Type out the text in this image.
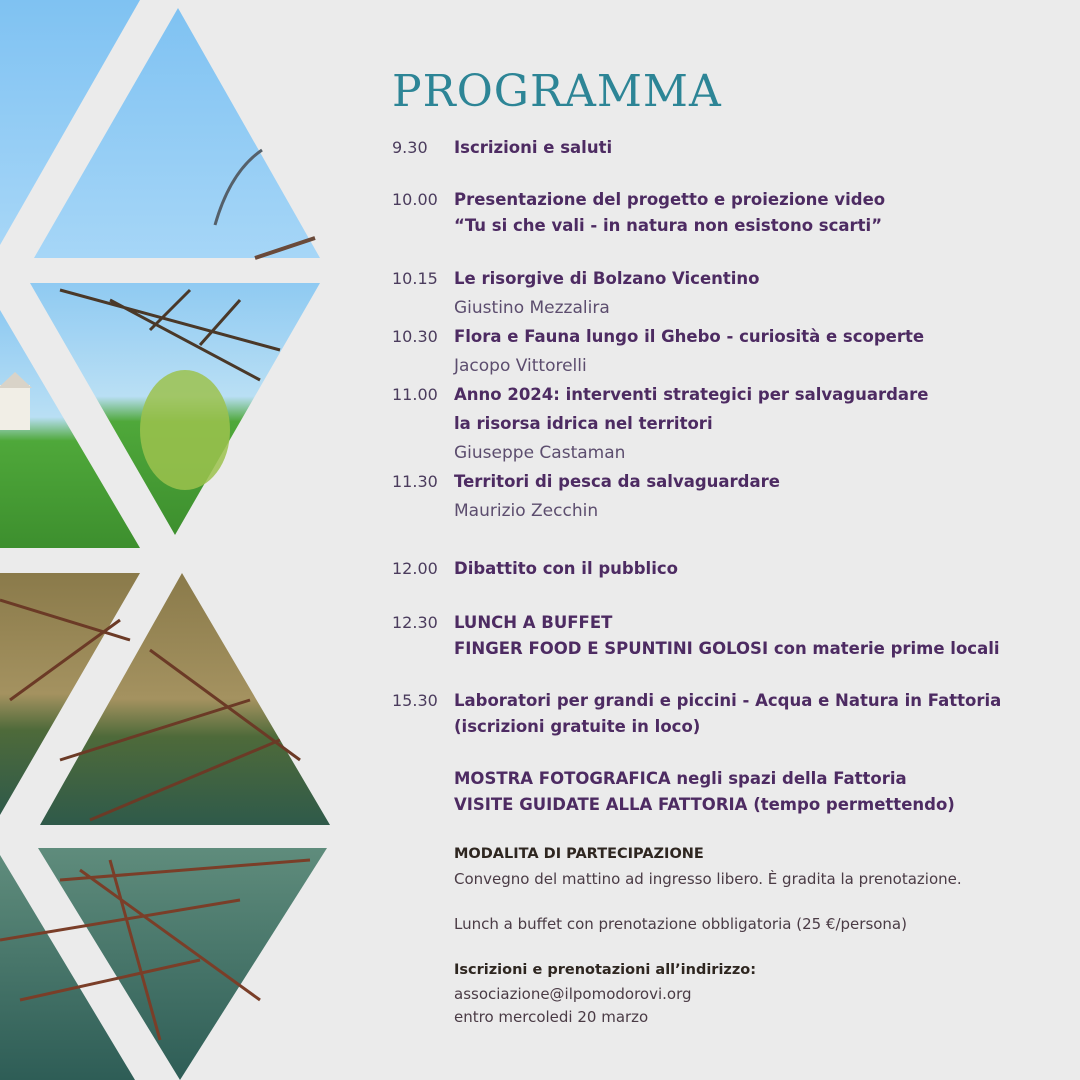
PROGRAMMA
9.30	Iscrizioni e saluti
10.00 Presentazione del progetto e proiezione video
“Tu si che vali - in natura non esistono scarti”
10.15 Le risorgive di Bolzano Vicentino
Giustino Mezzalira
10.30 Flora e Fauna lungo il Ghebo - curiosità e scoperte
Jacopo Vittorelli
11.00 Anno 2024: interventi strategici per salvaguardare
la risorsa idrica nel territori
Giuseppe Castaman
11.30 Territori di pesca da salvaguardare
Maurizio Zecchin
12.00 Dibattito con il pubblico
12.30 LUNCH A BUFFET
FINGER FOOD E SPUNTINI GOLOSI con materie prime locali
15.30 Laboratori per grandi e piccini - Acqua e Natura in Fattoria
(iscrizioni gratuite in loco)
MOSTRA FOTOGRAFICA negli spazi della Fattoria
VISITE GUIDATE ALLA FATTORIA (tempo permettendo)
MODALITA DI PARTECIPAZIONE
Convegno del mattino ad ingresso libero. È gradita la prenotazione.
Lunch a buffet con prenotazione obbligatoria (25 €/persona)
Iscrizioni e prenotazioni all’indirizzo:
associazione@ilpomodorovi.org
entro mercoledi 20 marzo
